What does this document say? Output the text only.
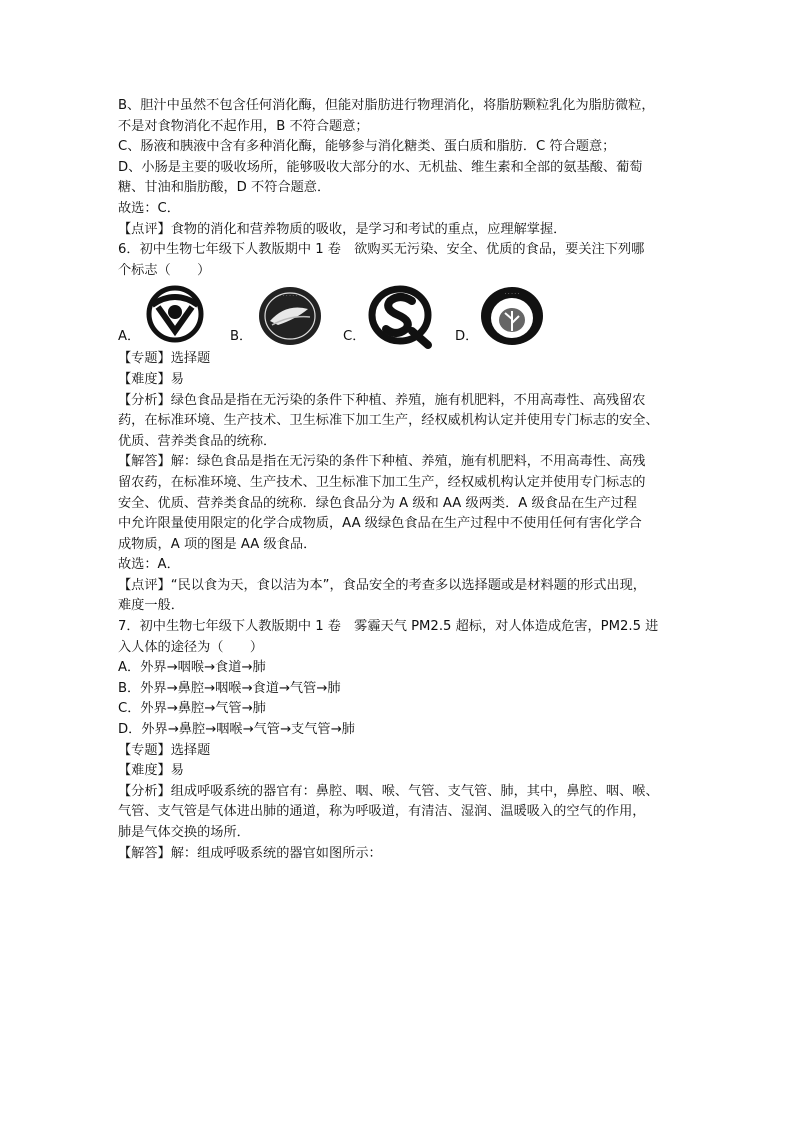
B、胆汁中虽然不包含任何消化酶，但能对脂肪进行物理消化，将脂肪颗粒乳化为脂肪微粒，
不是对食物消化不起作用，B 不符合题意；
C、肠液和胰液中含有多种消化酶，能够参与消化糖类、蛋白质和脂肪．C 符合题意；
D、小肠是主要的吸收场所，能够吸收大部分的水、无机盐、维生素和全部的氨基酸、葡萄
糖、甘油和脂肪酸，D 不符合题意．
故选：C．
【点评】食物的消化和营养物质的吸收，是学习和考试的重点，应理解掌握．
6．初中生物七年级下人教版期中 1 卷　欲购买无污染、安全、优质的食品，要关注下列哪
个标志（　　）
A．	B．
· · · · · · ·
C．	D．
· · · · ·
【专题】选择题
【难度】易
【分析】绿色食品是指在无污染的条件下种植、养殖，施有机肥料，不用高毒性、高残留农
药，在标准环境、生产技术、卫生标准下加工生产，经权威机构认定并使用专门标志的安全、
优质、营养类食品的统称．
【解答】解：绿色食品是指在无污染的条件下种植、养殖，施有机肥料，不用高毒性、高残
留农药，在标准环境、生产技术、卫生标准下加工生产，经权威机构认定并使用专门标志的
安全、优质、营养类食品的统称．绿色食品分为 A 级和 AA 级两类．A 级食品在生产过程
中允许限量使用限定的化学合成物质，AA 级绿色食品在生产过程中不使用任何有害化学合
成物质，A 项的图是 AA 级食品．
故选：A．
【点评】“民以食为天，食以洁为本”，食品安全的考查多以选择题或是材料题的形式出现，
难度一般．
7．初中生物七年级下人教版期中 1 卷　雾霾天气 PM2.5 超标，对人体造成危害，PM2.5 进
入人体的途径为（　　）
A．外界→咽喉→食道→肺
B．外界→鼻腔→咽喉→食道→气管→肺
C．外界→鼻腔→气管→肺
D．外界→鼻腔→咽喉→气管→支气管→肺
【专题】选择题
【难度】易
【分析】组成呼吸系统的器官有：鼻腔、咽、喉、气管、支气管、肺，其中，鼻腔、咽、喉、
气管、支气管是气体进出肺的通道，称为呼吸道，有清洁、湿润、温暖吸入的空气的作用，
肺是气体交换的场所．
【解答】解：组成呼吸系统的器官如图所示：
